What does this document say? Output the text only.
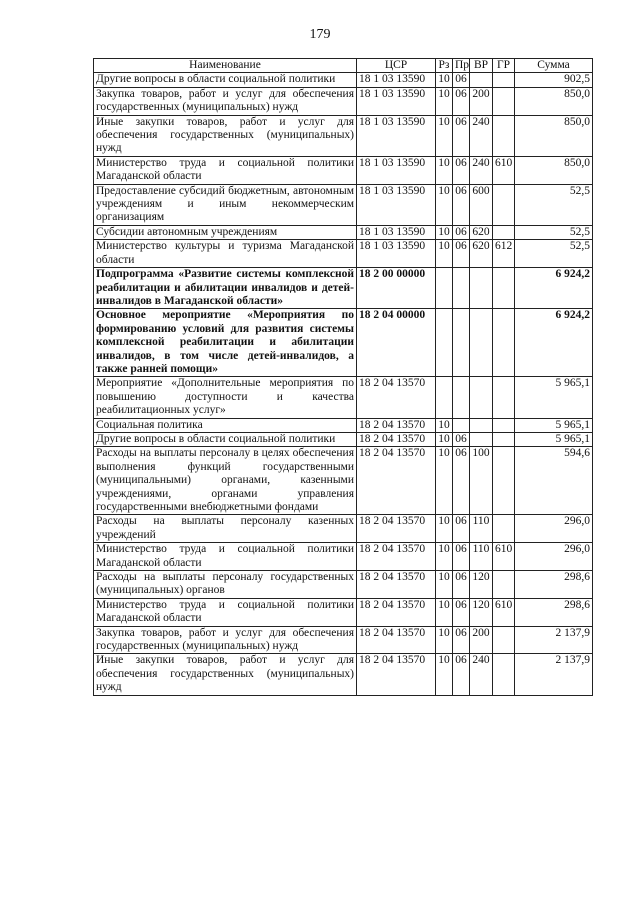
179
Наименование	ЦСР	Рз	Пр	ВР	ГР	Сумма
Другие вопросы в области социальной политики	18 1 03 13590	10	06			902,5
Закупка товаров, работ и услуг для обеспечения государственных (муниципальных) нужд	18 1 03 13590	10	06	200		850,0
Иные закупки товаров, работ и услуг для обеспечения государственных (муниципальных) нужд	18 1 03 13590	10	06	240		850,0
Министерство труда и социальной политики Магаданской области	18 1 03 13590	10	06	240	610	850,0
Предоставление субсидий бюджетным, автономным учреждениям и иным некоммерческим организациям	18 1 03 13590	10	06	600		52,5
Субсидии автономным учреждениям	18 1 03 13590	10	06	620		52,5
Министерство культуры и туризма Магаданской области	18 1 03 13590	10	06	620	612	52,5
Подпрограмма «Развитие системы комплексной реабилитации и абилитации инвалидов и детей-инвалидов в Магаданской области»	18 2 00 00000					6 924,2
Основное мероприятие «Мероприятия по формированию условий для развития системы комплексной реабилитации и абилитации инвалидов, в том числе детей-инвалидов, а также ранней помощи»	18 2 04 00000					6 924,2
Мероприятие «Дополнительные мероприятия по повышению доступности и качества реабилитационных услуг»	18 2 04 13570					5 965,1
Социальная политика	18 2 04 13570	10				5 965,1
Другие вопросы в области социальной политики	18 2 04 13570	10	06			5 965,1
Расходы на выплаты персоналу в целях обеспечения выполнения функций государственными (муниципальными) органами, казенными учреждениями, органами управления государственными внебюджетными фондами	18 2 04 13570	10	06	100		594,6
Расходы на выплаты персоналу казенных учреждений	18 2 04 13570	10	06	110		296,0
Министерство труда и социальной политики Магаданской области	18 2 04 13570	10	06	110	610	296,0
Расходы на выплаты персоналу государственных (муниципальных) органов	18 2 04 13570	10	06	120		298,6
Министерство труда и социальной политики Магаданской области	18 2 04 13570	10	06	120	610	298,6
Закупка товаров, работ и услуг для обеспечения государственных (муниципальных) нужд	18 2 04 13570	10	06	200		2 137,9
Иные закупки товаров, работ и услуг для обеспечения государственных (муниципальных) нужд	18 2 04 13570	10	06	240		2 137,9
